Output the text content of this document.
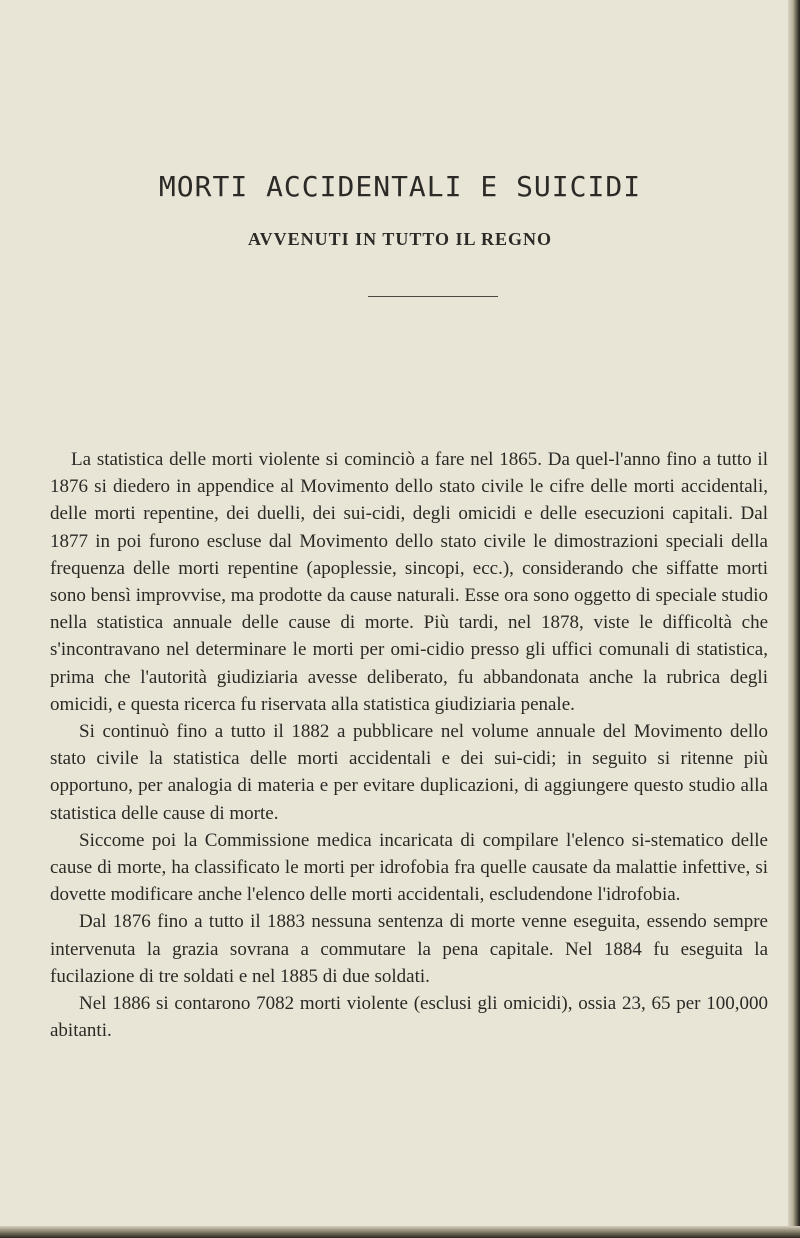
MORTI ACCIDENTALI E SUICIDI
AVVENUTI IN TUTTO IL REGNO

La statistica delle morti violente si cominciò a fare nel 1865. Da quel-l'anno fino a tutto il 1876 si diedero in appendice al Movimento dello stato civile le cifre delle morti accidentali, delle morti repentine, dei duelli, dei sui-cidi, degli omicidi e delle esecuzioni capitali. Dal 1877 in poi furono escluse dal Movimento dello stato civile le dimostrazioni speciali della frequenza delle morti repentine (apoplessie, sincopi, ecc.), considerando che siffatte morti sono bensì improvvise, ma prodotte da cause naturali. Esse ora sono oggetto di speciale studio nella statistica annuale delle cause di morte. Più tardi, nel 1878, viste le difficoltà che s'incontravano nel determinare le morti per omi-cidio presso gli uffici comunali di statistica, prima che l'autorità giudiziaria avesse deliberato, fu abbandonata anche la rubrica degli omicidi, e questa ricerca fu riservata alla statistica giudiziaria penale.

Si continuò fino a tutto il 1882 a pubblicare nel volume annuale del Movimento dello stato civile la statistica delle morti accidentali e dei sui-cidi; in seguito si ritenne più opportuno, per analogia di materia e per evitare duplicazioni, di aggiungere questo studio alla statistica delle cause di morte.

Siccome poi la Commissione medica incaricata di compilare l'elenco si-stematico delle cause di morte, ha classificato le morti per idrofobia fra quelle causate da malattie infettive, si dovette modificare anche l'elenco delle morti accidentali, escludendone l'idrofobia.

Dal 1876 fino a tutto il 1883 nessuna sentenza di morte venne eseguita, essendo sempre intervenuta la grazia sovrana a commutare la pena capitale. Nel 1884 fu eseguita la fucilazione di tre soldati e nel 1885 di due soldati.

Nel 1886 si contarono 7082 morti violente (esclusi gli omicidi), ossia 23, 65 per 100,000 abitanti.
